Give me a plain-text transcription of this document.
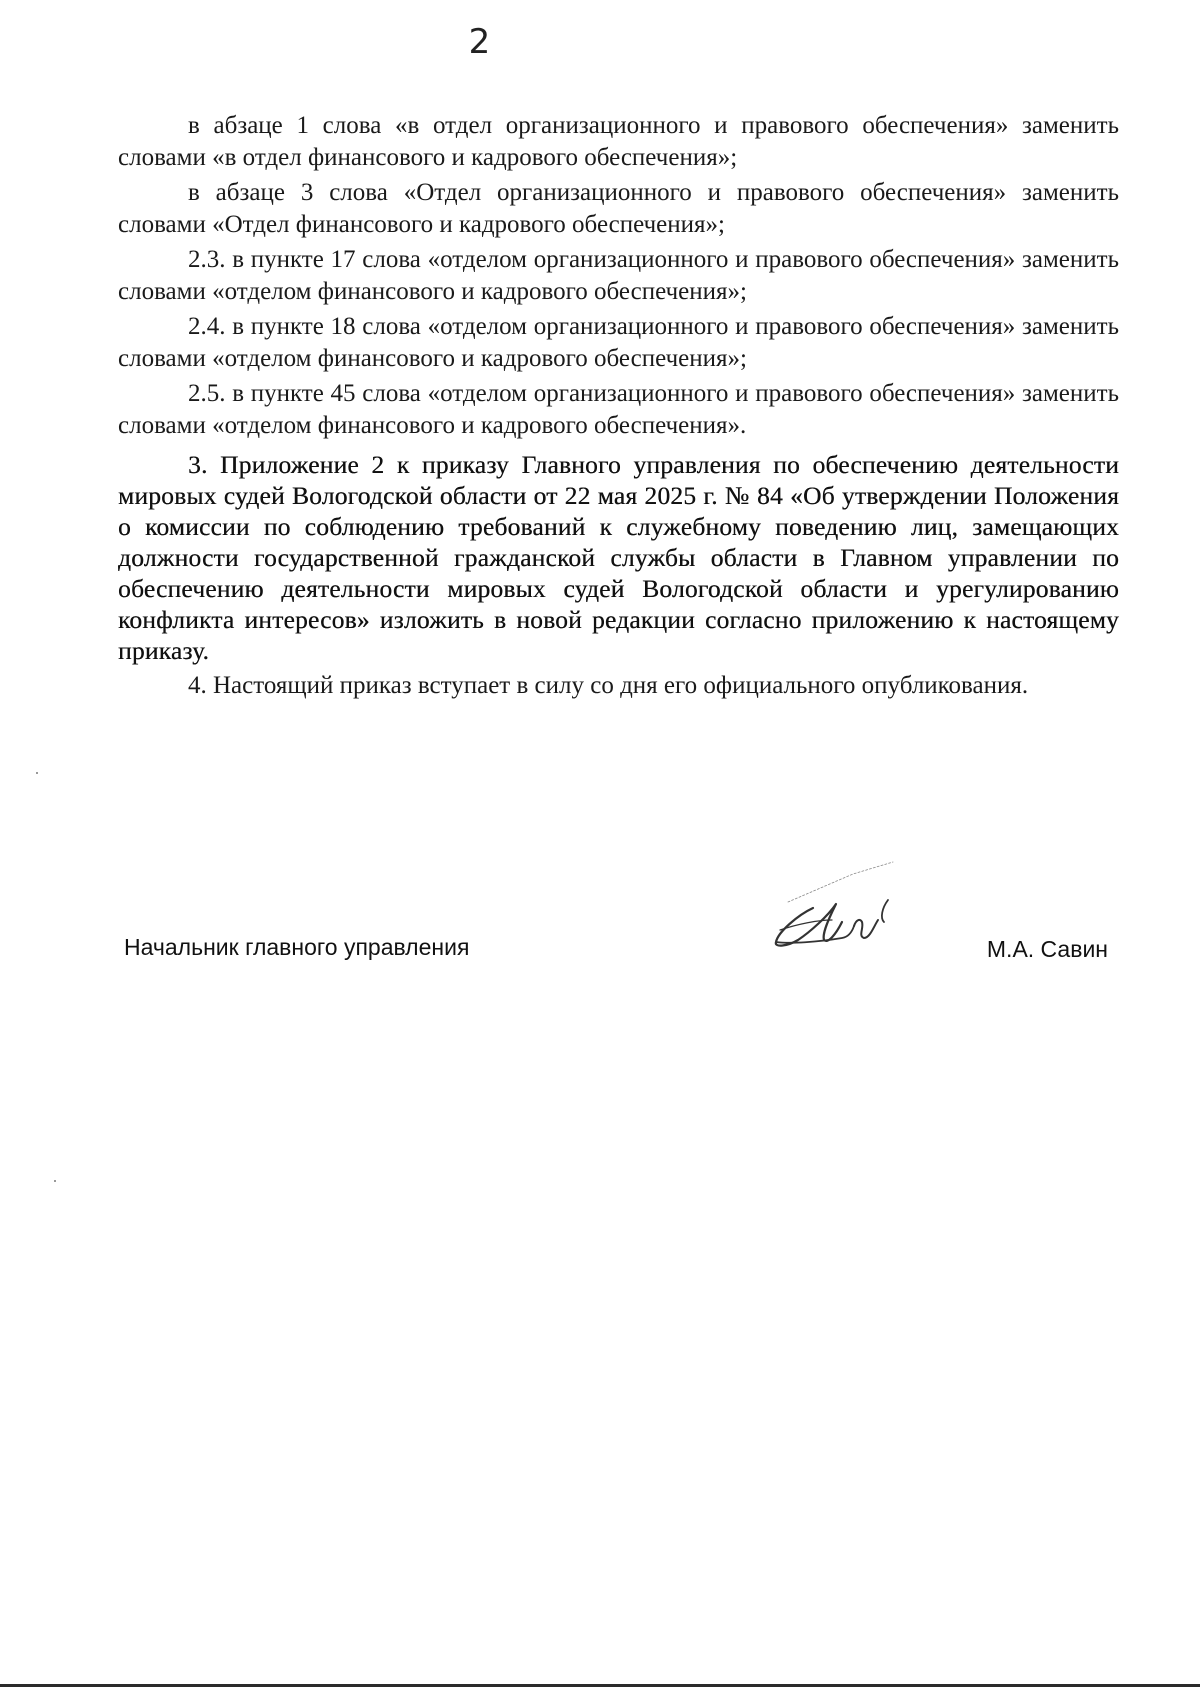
2

в абзаце 1 слова «в отдел организационного и правового обеспечения» заменить словами «в отдел финансового и кадрового обеспечения»;

в абзаце 3 слова «Отдел организационного и правового обеспечения» заменить словами «Отдел финансового и кадрового обеспечения»;

2.3. в пункте 17 слова «отделом организационного и правового обеспечения» заменить словами «отделом финансового и кадрового обеспечения»;

2.4. в пункте 18 слова «отделом организационного и правового обеспечения» заменить словами «отделом финансового и кадрового обеспечения»;

2.5. в пункте 45 слова «отделом организационного и правового обеспечения» заменить словами «отделом финансового и кадрового обеспечения».

3. Приложение 2 к приказу Главного управления по обеспечению деятельности мировых судей Вологодской области от 22 мая 2025 г. № 84 «Об утверждении Положения о комиссии по соблюдению требований к служебному поведению лиц, замещающих должности государственной гражданской службы области в Главном управлении по обеспечению деятельности мировых судей Вологодской области и урегулированию конфликта интересов» изложить в новой редакции согласно приложению к настоящему приказу.

4. Настоящий приказ вступает в силу со дня его официального опубликования.

Начальник главного управления	М.А. Савин
